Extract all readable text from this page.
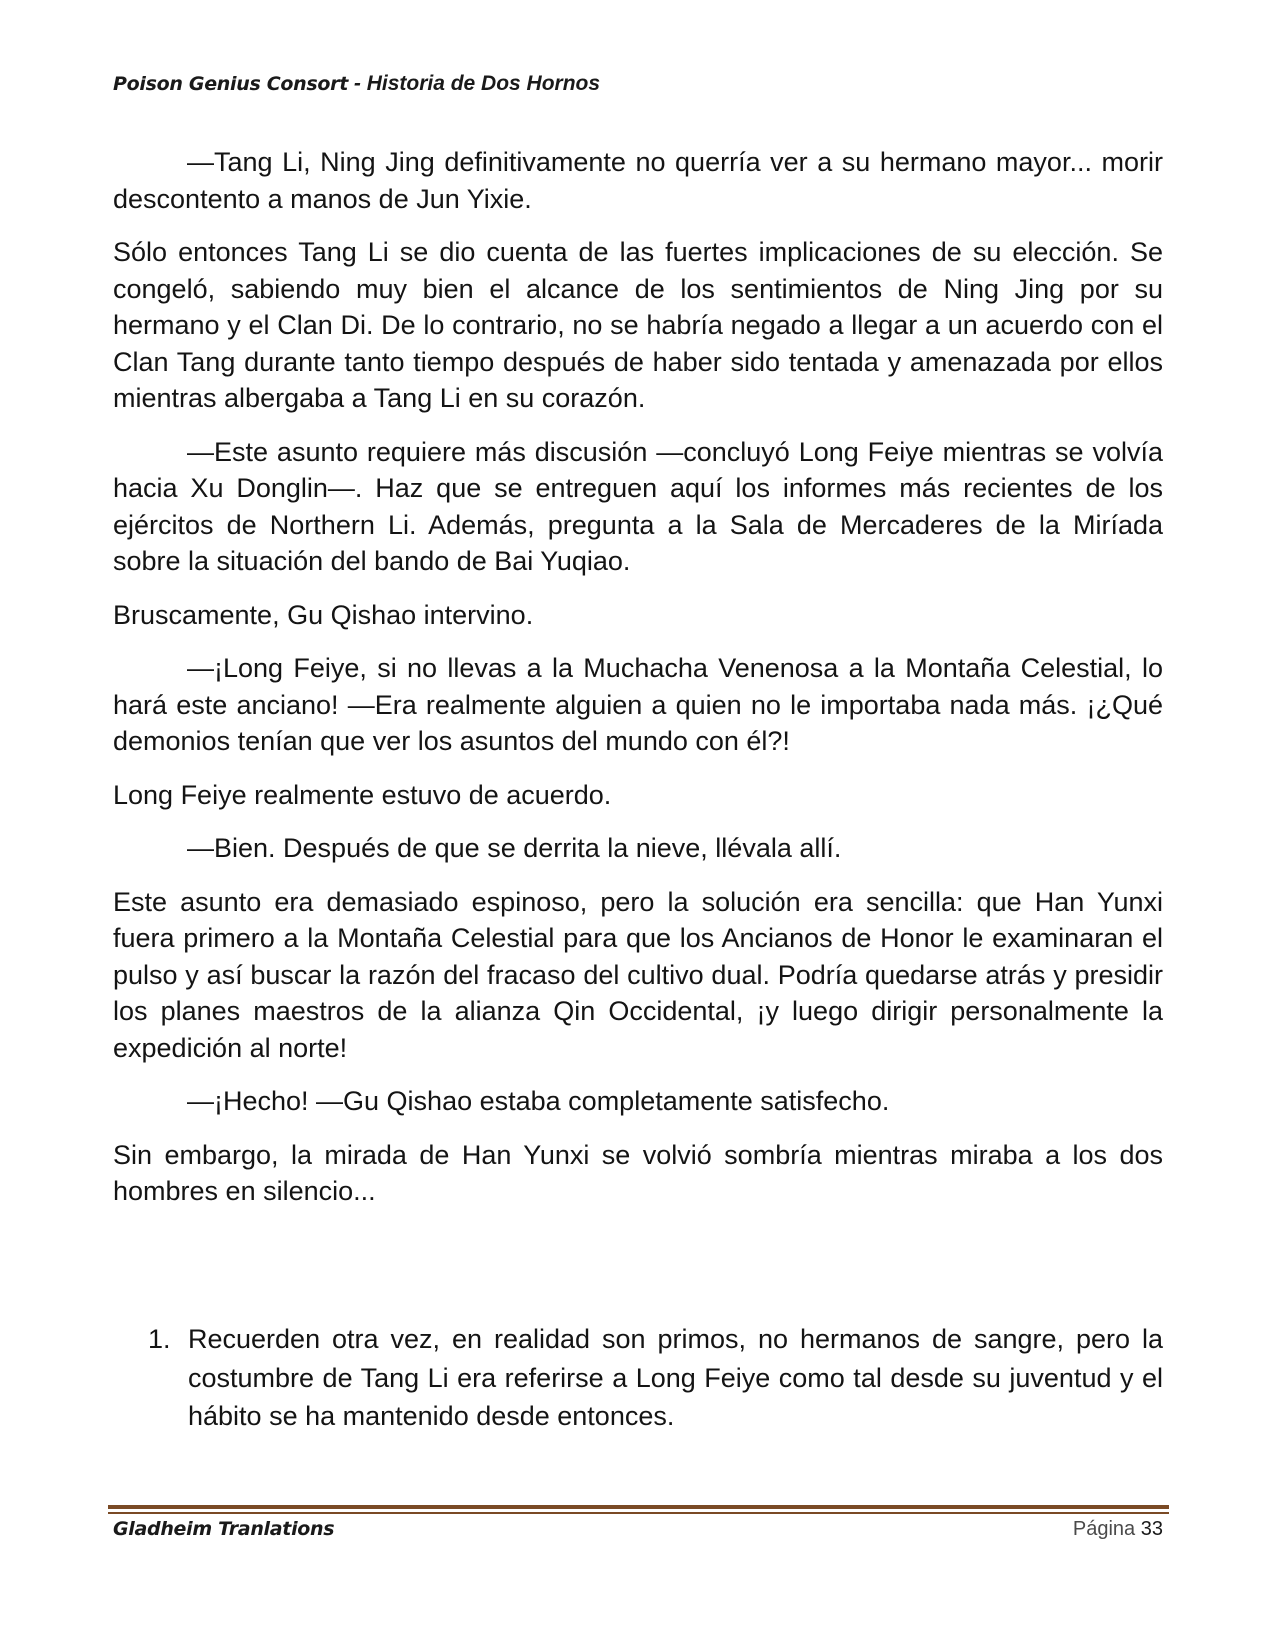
Poison Genius Consort - Historia de Dos Hornos

—Tang Li, Ning Jing definitivamente no querría ver a su hermano mayor... morir descontento a manos de Jun Yixie.

Sólo entonces Tang Li se dio cuenta de las fuertes implicaciones de su elección. Se congeló, sabiendo muy bien el alcance de los sentimientos de Ning Jing por su hermano y el Clan Di. De lo contrario, no se habría negado a llegar a un acuerdo con el Clan Tang durante tanto tiempo después de haber sido tentada y amenazada por ellos mientras albergaba a Tang Li en su corazón.

—Este asunto requiere más discusión —concluyó Long Feiye mientras se volvía hacia Xu Donglin—. Haz que se entreguen aquí los informes más recientes de los ejércitos de Northern Li. Además, pregunta a la Sala de Mercaderes de la Miríada sobre la situación del bando de Bai Yuqiao.

Bruscamente, Gu Qishao intervino.

—¡Long Feiye, si no llevas a la Muchacha Venenosa a la Montaña Celestial, lo hará este anciano! —Era realmente alguien a quien no le importaba nada más. ¡¿Qué demonios tenían que ver los asuntos del mundo con él?!

Long Feiye realmente estuvo de acuerdo.

—Bien. Después de que se derrita la nieve, llévala allí.

Este asunto era demasiado espinoso, pero la solución era sencilla: que Han Yunxi fuera primero a la Montaña Celestial para que los Ancianos de Honor le examinaran el pulso y así buscar la razón del fracaso del cultivo dual. Podría quedarse atrás y presidir los planes maestros de la alianza Qin Occidental, ¡y luego dirigir personalmente la expedición al norte!

—¡Hecho! —Gu Qishao estaba completamente satisfecho.

Sin embargo, la mirada de Han Yunxi se volvió sombría mientras miraba a los dos hombres en silencio...

1. Recuerden otra vez, en realidad son primos, no hermanos de sangre, pero la costumbre de Tang Li era referirse a Long Feiye como tal desde su juventud y el hábito se ha mantenido desde entonces.
Gladheim Tranlations	Página 33
